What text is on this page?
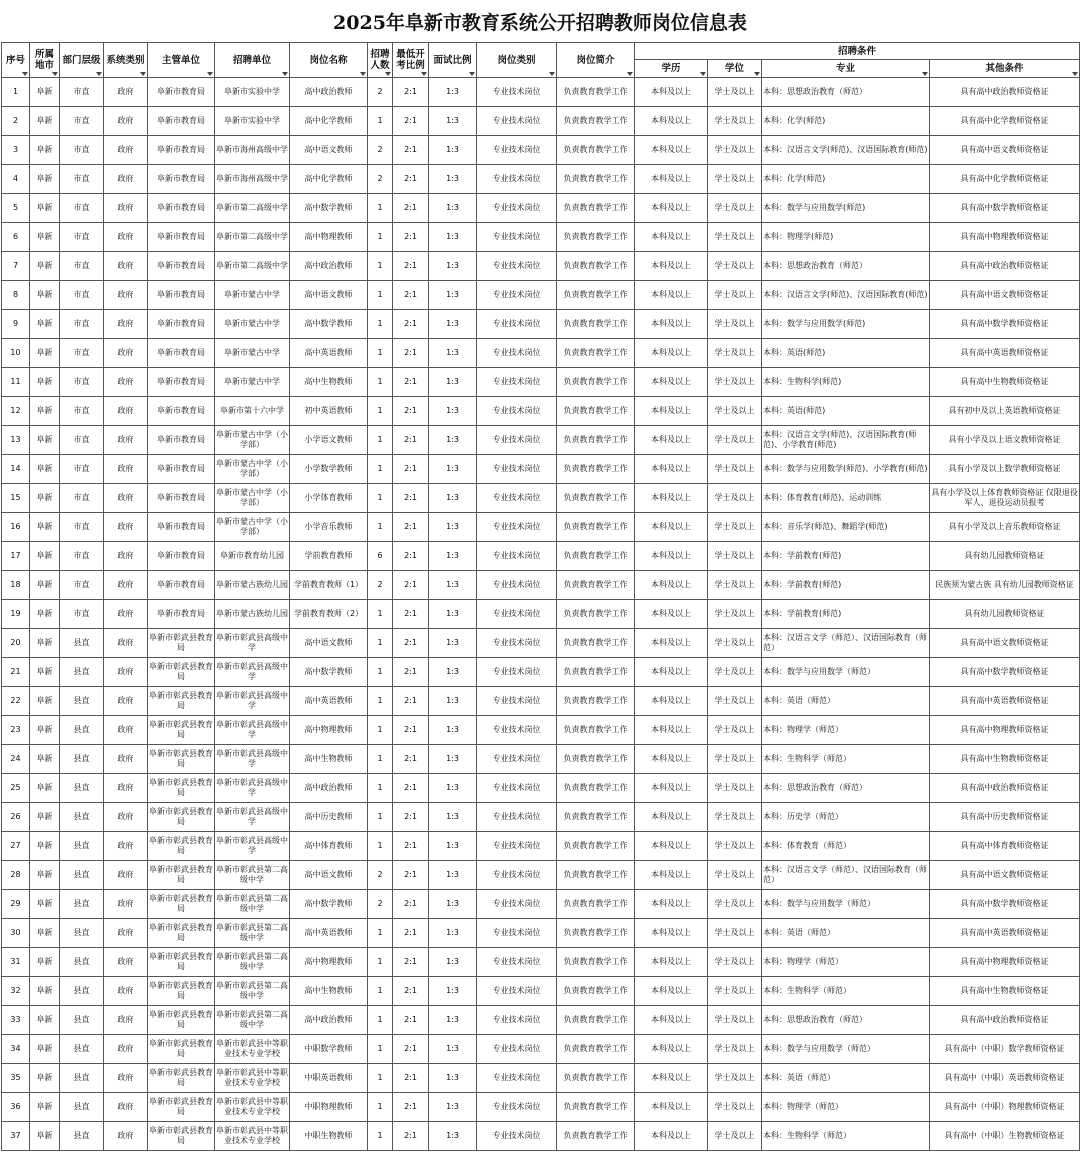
2025年阜新市教育系统公开招聘教师岗位信息表
序号	所属地市	部门层级	系统类别	主管单位	招聘单位	岗位名称	招聘人数	最低开考比例	面试比例	岗位类别	岗位简介	招聘条件			
												学历	学位	专业	其他条件

1	阜新	市直	政府	阜新市教育局	阜新市实验中学	高中政治教师	2	2:1	1:3	专业技术岗位	负责教育教学工作	本科及以上	学士及以上	本科：思想政治教育（师范）	具有高中政治教师资格证
2	阜新	市直	政府	阜新市教育局	阜新市实验中学	高中化学教师	1	2:1	1:3	专业技术岗位	负责教育教学工作	本科及以上	学士及以上	本科：化学(师范)	具有高中化学教师资格证
3	阜新	市直	政府	阜新市教育局	阜新市海州高级中学	高中语文教师	2	2:1	1:3	专业技术岗位	负责教育教学工作	本科及以上	学士及以上	本科：汉语言文学(师范)、汉语国际教育(师范)	具有高中语文教师资格证
4	阜新	市直	政府	阜新市教育局	阜新市海州高级中学	高中化学教师	2	2:1	1:3	专业技术岗位	负责教育教学工作	本科及以上	学士及以上	本科：化学(师范)	具有高中化学教师资格证
5	阜新	市直	政府	阜新市教育局	阜新市第二高级中学	高中数学教师	1	2:1	1:3	专业技术岗位	负责教育教学工作	本科及以上	学士及以上	本科：数学与应用数学(师范)	具有高中数学教师资格证
6	阜新	市直	政府	阜新市教育局	阜新市第二高级中学	高中物理教师	1	2:1	1:3	专业技术岗位	负责教育教学工作	本科及以上	学士及以上	本科：物理学(师范)	具有高中物理教师资格证
7	阜新	市直	政府	阜新市教育局	阜新市第二高级中学	高中政治教师	1	2:1	1:3	专业技术岗位	负责教育教学工作	本科及以上	学士及以上	本科：思想政治教育（师范）	具有高中政治教师资格证
8	阜新	市直	政府	阜新市教育局	阜新市蒙古中学	高中语文教师	1	2:1	1:3	专业技术岗位	负责教育教学工作	本科及以上	学士及以上	本科：汉语言文学(师范)、汉语国际教育(师范)	具有高中语文教师资格证
9	阜新	市直	政府	阜新市教育局	阜新市蒙古中学	高中数学教师	1	2:1	1:3	专业技术岗位	负责教育教学工作	本科及以上	学士及以上	本科：数学与应用数学(师范)	具有高中数学教师资格证
10	阜新	市直	政府	阜新市教育局	阜新市蒙古中学	高中英语教师	1	2:1	1:3	专业技术岗位	负责教育教学工作	本科及以上	学士及以上	本科：英语(师范)	具有高中英语教师资格证
11	阜新	市直	政府	阜新市教育局	阜新市蒙古中学	高中生物教师	1	2:1	1:3	专业技术岗位	负责教育教学工作	本科及以上	学士及以上	本科：生物科学(师范)	具有高中生物教师资格证
12	阜新	市直	政府	阜新市教育局	阜新市第十六中学	初中英语教师	1	2:1	1:3	专业技术岗位	负责教育教学工作	本科及以上	学士及以上	本科：英语(师范)	具有初中及以上英语教师资格证
13	阜新	市直	政府	阜新市教育局	阜新市蒙古中学（小学部）	小学语文教师	1	2:1	1:3	专业技术岗位	负责教育教学工作	本科及以上	学士及以上	本科：汉语言文学(师范)、汉语国际教育(师范)、小学教育(师范)	具有小学及以上语文教师资格证
14	阜新	市直	政府	阜新市教育局	阜新市蒙古中学（小学部）	小学数学教师	1	2:1	1:3	专业技术岗位	负责教育教学工作	本科及以上	学士及以上	本科：数学与应用数学(师范)、小学教育(师范)	具有小学及以上数学教师资格证
15	阜新	市直	政府	阜新市教育局	阜新市蒙古中学（小学部）	小学体育教师	1	2:1	1:3	专业技术岗位	负责教育教学工作	本科及以上	学士及以上	本科：体育教育(师范)、运动训练	具有小学及以上体育教师资格证 仅限退役军人、退役运动员报考
16	阜新	市直	政府	阜新市教育局	阜新市蒙古中学（小学部）	小学音乐教师	1	2:1	1:3	专业技术岗位	负责教育教学工作	本科及以上	学士及以上	本科：音乐学(师范)、舞蹈学(师范)	具有小学及以上音乐教师资格证
17	阜新	市直	政府	阜新市教育局	阜新市教育幼儿园	学前教育教师	6	2:1	1:3	专业技术岗位	负责教育教学工作	本科及以上	学士及以上	本科：学前教育(师范)	具有幼儿园教师资格证
18	阜新	市直	政府	阜新市教育局	阜新市蒙古族幼儿园	学前教育教师（1）	2	2:1	1:3	专业技术岗位	负责教育教学工作	本科及以上	学士及以上	本科：学前教育(师范)	民族须为蒙古族 具有幼儿园教师资格证
19	阜新	市直	政府	阜新市教育局	阜新市蒙古族幼儿园	学前教育教师（2）	1	2:1	1:3	专业技术岗位	负责教育教学工作	本科及以上	学士及以上	本科：学前教育(师范)	具有幼儿园教师资格证
20	阜新	县直	政府	阜新市彰武县教育局	阜新市彰武县高级中学	高中语文教师	1	2:1	1:3	专业技术岗位	负责教育教学工作	本科及以上	学士及以上	本科：汉语言文学（师范）、汉语国际教育（师范）	具有高中语文教师资格证
21	阜新	县直	政府	阜新市彰武县教育局	阜新市彰武县高级中学	高中数学教师	1	2:1	1:3	专业技术岗位	负责教育教学工作	本科及以上	学士及以上	本科：数学与应用数学（师范）	具有高中数学教师资格证
22	阜新	县直	政府	阜新市彰武县教育局	阜新市彰武县高级中学	高中英语教师	1	2:1	1:3	专业技术岗位	负责教育教学工作	本科及以上	学士及以上	本科：英语（师范）	具有高中英语教师资格证
23	阜新	县直	政府	阜新市彰武县教育局	阜新市彰武县高级中学	高中物理教师	1	2:1	1:3	专业技术岗位	负责教育教学工作	本科及以上	学士及以上	本科：物理学（师范）	具有高中物理教师资格证
24	阜新	县直	政府	阜新市彰武县教育局	阜新市彰武县高级中学	高中生物教师	1	2:1	1:3	专业技术岗位	负责教育教学工作	本科及以上	学士及以上	本科：生物科学（师范）	具有高中生物教师资格证
25	阜新	县直	政府	阜新市彰武县教育局	阜新市彰武县高级中学	高中政治教师	1	2:1	1:3	专业技术岗位	负责教育教学工作	本科及以上	学士及以上	本科：思想政治教育（师范）	具有高中政治教师资格证
26	阜新	县直	政府	阜新市彰武县教育局	阜新市彰武县高级中学	高中历史教师	1	2:1	1:3	专业技术岗位	负责教育教学工作	本科及以上	学士及以上	本科：历史学（师范）	具有高中历史教师资格证
27	阜新	县直	政府	阜新市彰武县教育局	阜新市彰武县高级中学	高中体育教师	1	2:1	1:3	专业技术岗位	负责教育教学工作	本科及以上	学士及以上	本科：体育教育（师范）	具有高中体育教师资格证
28	阜新	县直	政府	阜新市彰武县教育局	阜新市彰武县第二高级中学	高中语文教师	2	2:1	1:3	专业技术岗位	负责教育教学工作	本科及以上	学士及以上	本科：汉语言文学（师范）、汉语国际教育（师范）	具有高中语文教师资格证
29	阜新	县直	政府	阜新市彰武县教育局	阜新市彰武县第二高级中学	高中数学教师	2	2:1	1:3	专业技术岗位	负责教育教学工作	本科及以上	学士及以上	本科：数学与应用数学（师范）	具有高中数学教师资格证
30	阜新	县直	政府	阜新市彰武县教育局	阜新市彰武县第二高级中学	高中英语教师	1	2:1	1:3	专业技术岗位	负责教育教学工作	本科及以上	学士及以上	本科：英语（师范）	具有高中英语教师资格证
31	阜新	县直	政府	阜新市彰武县教育局	阜新市彰武县第二高级中学	高中物理教师	1	2:1	1:3	专业技术岗位	负责教育教学工作	本科及以上	学士及以上	本科：物理学（师范）	具有高中物理教师资格证
32	阜新	县直	政府	阜新市彰武县教育局	阜新市彰武县第二高级中学	高中生物教师	1	2:1	1:3	专业技术岗位	负责教育教学工作	本科及以上	学士及以上	本科：生物科学（师范）	具有高中生物教师资格证
33	阜新	县直	政府	阜新市彰武县教育局	阜新市彰武县第二高级中学	高中政治教师	1	2:1	1:3	专业技术岗位	负责教育教学工作	本科及以上	学士及以上	本科：思想政治教育（师范）	具有高中政治教师资格证
34	阜新	县直	政府	阜新市彰武县教育局	阜新市彰武县中等职业技术专业学校	中职数学教师	1	2:1	1:3	专业技术岗位	负责教育教学工作	本科及以上	学士及以上	本科：数学与应用数学（师范）	具有高中（中职）数学教师资格证
35	阜新	县直	政府	阜新市彰武县教育局	阜新市彰武县中等职业技术专业学校	中职英语教师	1	2:1	1:3	专业技术岗位	负责教育教学工作	本科及以上	学士及以上	本科：英语（师范）	具有高中（中职）英语教师资格证
36	阜新	县直	政府	阜新市彰武县教育局	阜新市彰武县中等职业技术专业学校	中职物理教师	1	2:1	1:3	专业技术岗位	负责教育教学工作	本科及以上	学士及以上	本科：物理学（师范）	具有高中（中职）物理教师资格证
37	阜新	县直	政府	阜新市彰武县教育局	阜新市彰武县中等职业技术专业学校	中职生物教师	1	2:1	1:3	专业技术岗位	负责教育教学工作	本科及以上	学士及以上	本科：生物科学（师范）	具有高中（中职）生物教师资格证
